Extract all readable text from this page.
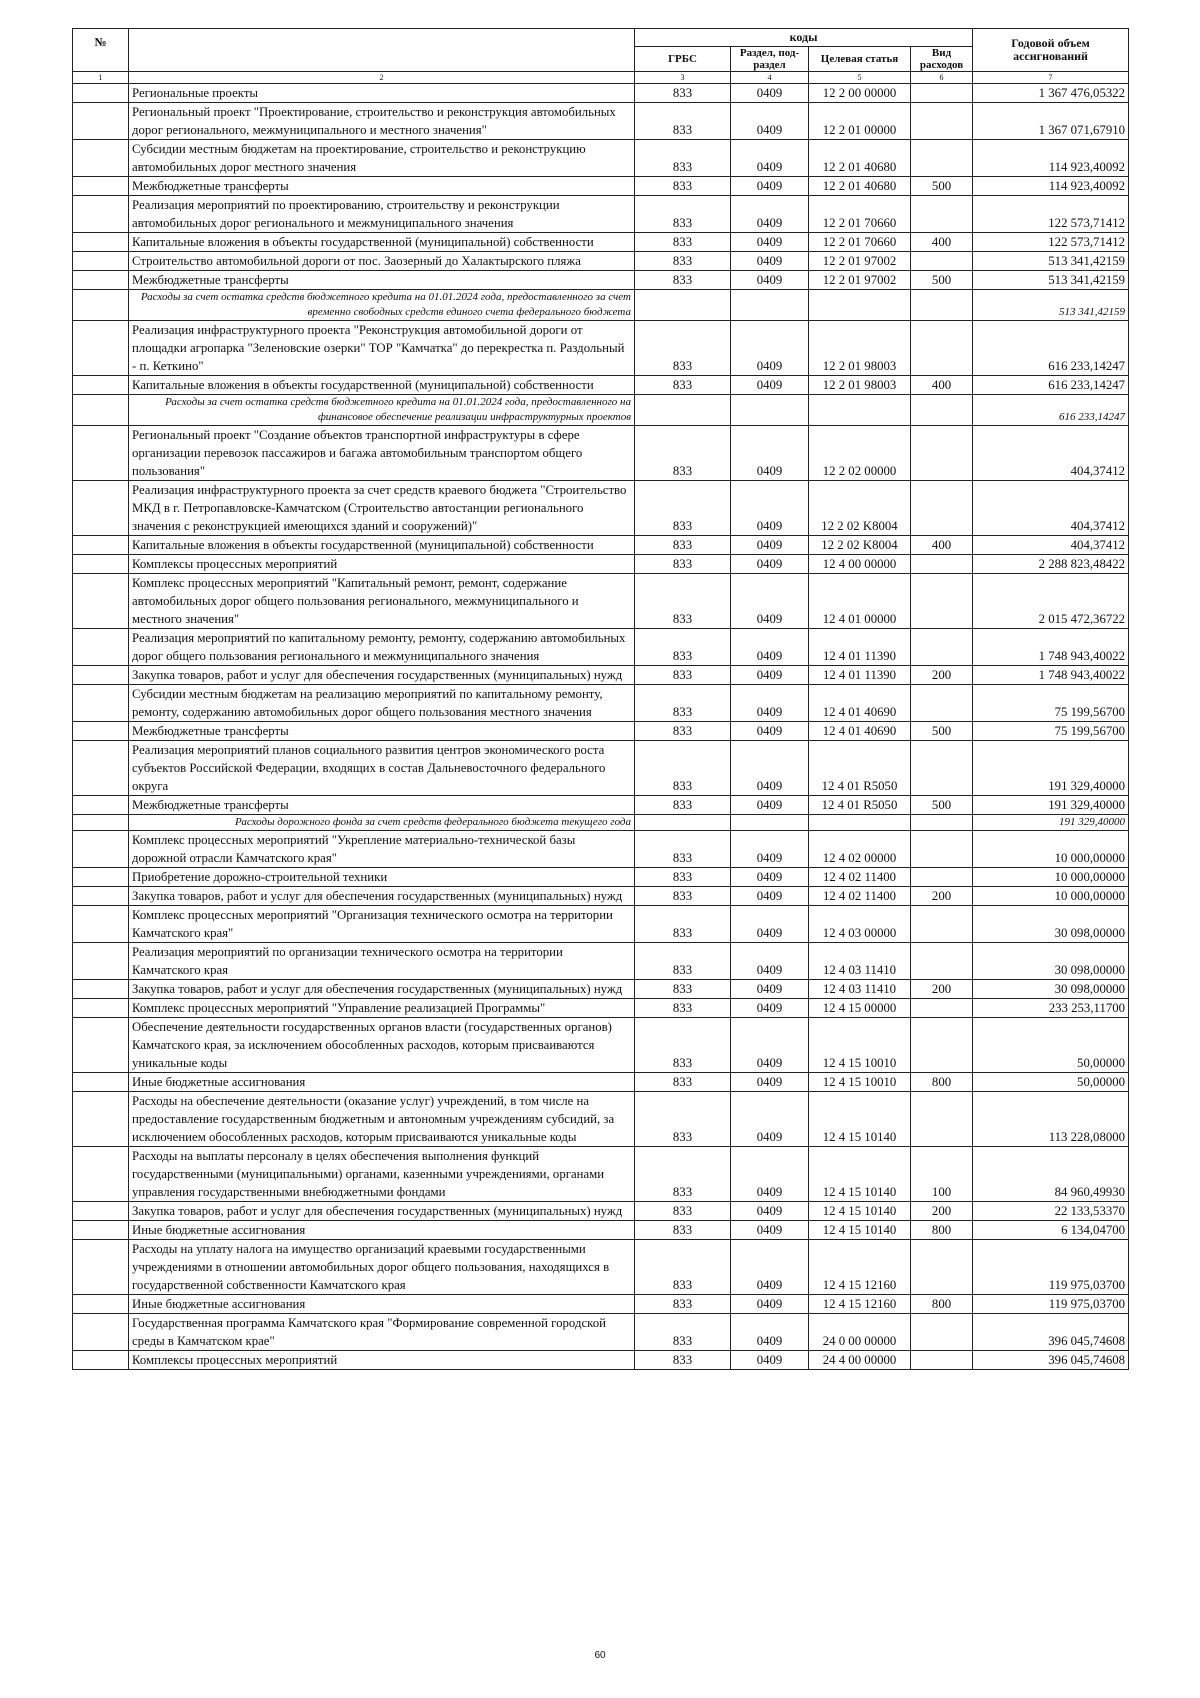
№		коды				Годовой объем ассигнований
		ГРБС	Раздел, под-раздел	Целевая статья	Вид расходов	
1	2	3	4	5	6	7
	Региональные проекты	833	0409	12 2 00 00000		1 367 476,05322
	Региональный проект "Проектирование, строительство и реконструкция автомобильных дорог регионального, межмуниципального и местного значения"	833	0409	12 2 01 00000		1 367 071,67910
	Субсидии местным бюджетам на проектирование, строительство и реконструкцию автомобильных дорог местного значения	833	0409	12 2 01 40680		114 923,40092
	Межбюджетные трансферты	833	0409	12 2 01 40680	500	114 923,40092
	Реализация мероприятий по проектированию, строительству и реконструкции автомобильных дорог регионального и межмуниципального значения	833	0409	12 2 01 70660		122 573,71412
	Капитальные вложения в объекты государственной (муниципальной) собственности	833	0409	12 2 01 70660	400	122 573,71412
	Строительство автомобильной дороги от пос. Заозерный до Халактырского пляжа	833	0409	12 2 01 97002		513 341,42159
	Межбюджетные трансферты	833	0409	12 2 01 97002	500	513 341,42159
	Расходы за счет остатка средств бюджетного кредита на 01.01.2024 года, предоставленного за счет временно свободных средств единого счета федерального бюджета					513 341,42159
	Реализация инфраструктурного проекта "Реконструкция автомобильной дороги от площадки агропарка "Зеленовские озерки" ТОР "Камчатка" до перекрестка п. Раздольный - п. Кеткино"	833	0409	12 2 01 98003		616 233,14247
	Капитальные вложения в объекты государственной (муниципальной) собственности	833	0409	12 2 01 98003	400	616 233,14247
	Расходы за счет остатка средств бюджетного кредита на 01.01.2024 года, предоставленного на финансовое обеспечение реализации инфраструктурных проектов					616 233,14247
	Региональный проект "Создание объектов транспортной инфраструктуры в сфере организации перевозок пассажиров и багажа автомобильным транспортом общего пользования"	833	0409	12 2 02 00000		404,37412
	Реализация инфраструктурного проекта за счет средств краевого бюджета "Строительство МКД в г. Петропавловске-Камчатском (Строительство автостанции регионального значения с реконструкцией имеющихся зданий и сооружений)"	833	0409	12 2 02 K8004		404,37412
	Капитальные вложения в объекты государственной (муниципальной) собственности	833	0409	12 2 02 K8004	400	404,37412
	Комплексы процессных мероприятий	833	0409	12 4 00 00000		2 288 823,48422
	Комплекс процессных мероприятий "Капитальный ремонт, ремонт, содержание автомобильных дорог общего пользования регионального, межмуниципального и местного значения"	833	0409	12 4 01 00000		2 015 472,36722
	Реализация мероприятий по капитальному ремонту, ремонту, содержанию автомобильных дорог общего пользования регионального и межмуниципального значения	833	0409	12 4 01 11390		1 748 943,40022
	Закупка товаров, работ и услуг для обеспечения государственных (муниципальных) нужд	833	0409	12 4 01 11390	200	1 748 943,40022
	Субсидии местным бюджетам на реализацию мероприятий по капитальному ремонту, ремонту, содержанию автомобильных дорог общего пользования местного значения	833	0409	12 4 01 40690		75 199,56700
	Межбюджетные трансферты	833	0409	12 4 01 40690	500	75 199,56700
	Реализация мероприятий планов социального развития центров экономического роста субъектов Российской Федерации, входящих в состав Дальневосточного федерального округа	833	0409	12 4 01 R5050		191 329,40000
	Межбюджетные трансферты	833	0409	12 4 01 R5050	500	191 329,40000
	Расходы дорожного фонда за счет средств федерального бюджета текущего года					191 329,40000
	Комплекс процессных мероприятий "Укрепление материально-технической базы дорожной отрасли Камчатского края"	833	0409	12 4 02 00000		10 000,00000
	Приобретение дорожно-строительной техники	833	0409	12 4 02 11400		10 000,00000
	Закупка товаров, работ и услуг для обеспечения государственных (муниципальных) нужд	833	0409	12 4 02 11400	200	10 000,00000
	Комплекс процессных мероприятий "Организация технического осмотра на территории Камчатского края"	833	0409	12 4 03 00000		30 098,00000
	Реализация мероприятий по организации технического осмотра на территории Камчатского края	833	0409	12 4 03 11410		30 098,00000
	Закупка товаров, работ и услуг для обеспечения государственных (муниципальных) нужд	833	0409	12 4 03 11410	200	30 098,00000
	Комплекс процессных мероприятий "Управление реализацией Программы"	833	0409	12 4 15 00000		233 253,11700
	Обеспечение деятельности государственных органов власти (государственных органов) Камчатского края, за исключением обособленных расходов, которым присваиваются уникальные коды	833	0409	12 4 15 10010		50,00000
	Иные бюджетные ассигнования	833	0409	12 4 15 10010	800	50,00000
	Расходы на обеспечение деятельности (оказание услуг) учреждений, в том числе на предоставление государственным бюджетным и автономным учреждениям субсидий, за исключением обособленных расходов, которым присваиваются уникальные коды	833	0409	12 4 15 10140		113 228,08000
	Расходы на выплаты персоналу в целях обеспечения выполнения функций государственными (муниципальными) органами, казенными учреждениями, органами управления государственными внебюджетными фондами	833	0409	12 4 15 10140	100	84 960,49930
	Закупка товаров, работ и услуг для обеспечения государственных (муниципальных) нужд	833	0409	12 4 15 10140	200	22 133,53370
	Иные бюджетные ассигнования	833	0409	12 4 15 10140	800	6 134,04700
	Расходы на уплату налога на имущество организаций краевыми государственными учреждениями в отношении автомобильных дорог общего пользования, находящихся в государственной собственности Камчатского края	833	0409	12 4 15 12160		119 975,03700
	Иные бюджетные ассигнования	833	0409	12 4 15 12160	800	119 975,03700
	Государственная программа Камчатского края "Формирование современной городской среды в Камчатском крае"	833	0409	24 0 00 00000		396 045,74608
	Комплексы процессных мероприятий	833	0409	24 4 00 00000		396 045,74608
60
